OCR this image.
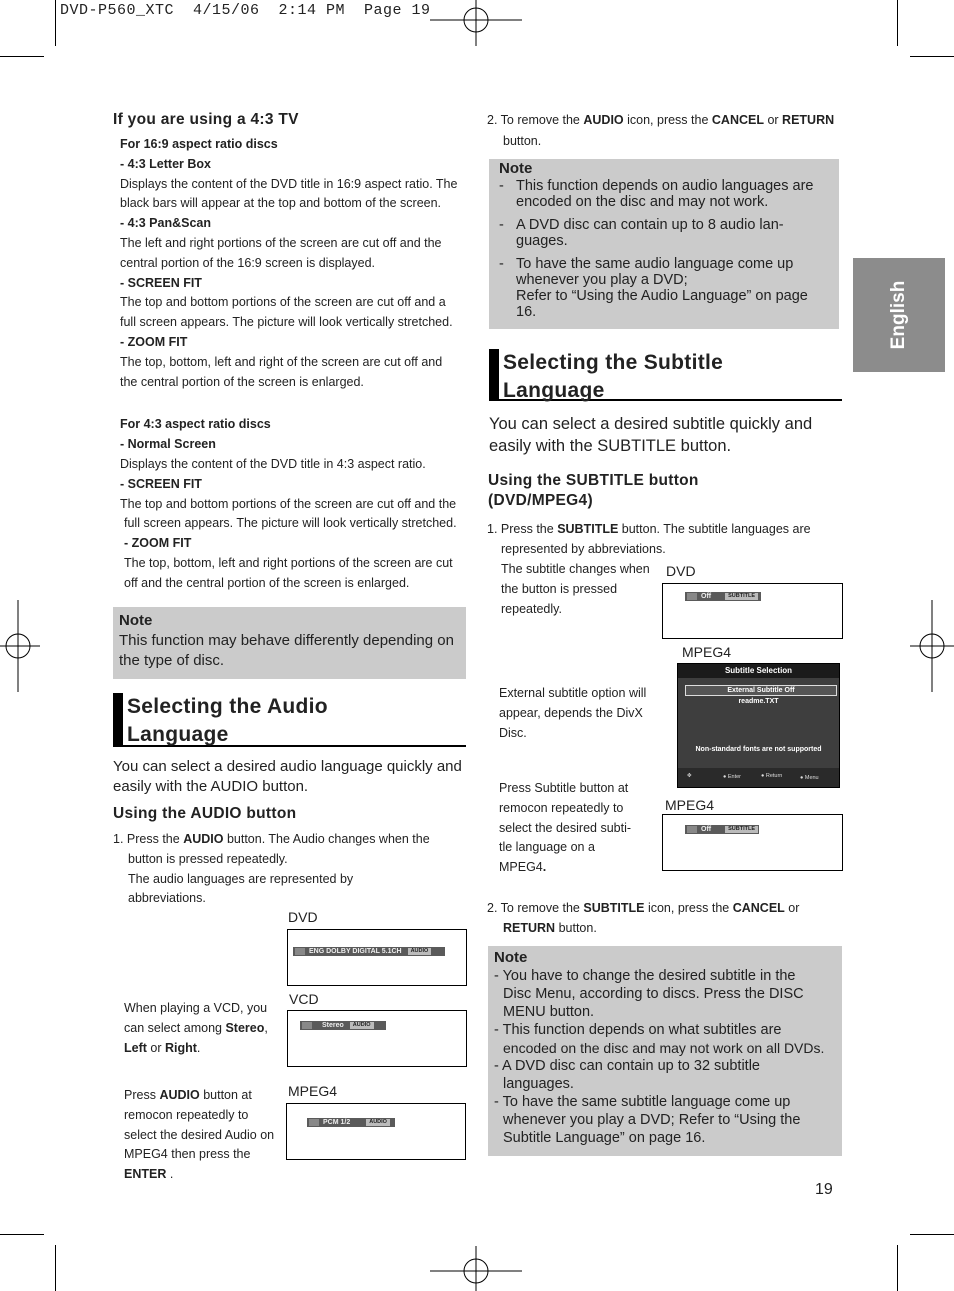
DVD-P560_XTC  4/15/06  2:14 PM  Page 19
English
If you are using a 4:3 TV
For 16:9 aspect ratio discs
- 4:3 Letter Box
Displays the content of the DVD title in 16:9 aspect ratio. The
black bars will appear at the top and bottom of the screen.
- 4:3 Pan&Scan
The left and right portions of the screen are cut off and the
central portion of the 16:9 screen is displayed.
- SCREEN FIT
The top and bottom portions of the screen are cut off and a
full screen appears. The picture will look vertically stretched.
- ZOOM FIT
The top, bottom, left and right of the screen are cut off and
the central portion of the screen is enlarged.
For 4:3 aspect ratio discs
- Normal Screen
Displays the content of the DVD title in 4:3 aspect ratio.
- SCREEN FIT
The top and bottom portions of the screen are cut off and the
full screen appears. The picture will look vertically stretched.
- ZOOM FIT
The top, bottom, left and right portions of the screen are cut
off and the central portion of the screen is enlarged.
Note
This function may behave differently depending on
the type of disc.
Selecting the Audio
Language
You can select a desired audio language quickly and
easily with the AUDIO button.
Using the AUDIO button
1. Press the AUDIO button. The Audio changes when the
button is pressed repeatedly.
The audio languages are represented by
abbreviations.
When playing a VCD, you
can select among Stereo,
Left or Right.
Press AUDIO button at
remocon repeatedly to
select the desired Audio on
MPEG4 then press the
ENTER .
DVD
ENG DOLBY DIGITAL 5.1CH AUDIO
VCD
Stereo AUDIO
MPEG4
PCM 1/2	AUDIO
2. To remove the AUDIO icon, press the CANCEL or RETURN
button.
Note
- This function depends on audio languages are
encoded on the disc and may not work.
- A DVD disc can contain up to 8 audio lan-
guages.
- To have the same audio language come up
whenever you play a DVD;
Refer to “Using the Audio Language” on page
16.
Selecting the Subtitle
Language
You can select a desired subtitle quickly and
easily with the SUBTITLE button.
Using the SUBTITLE button
(DVD/MPEG4)
1. Press the SUBTITLE button. The subtitle languages are
represented by abbreviations.
The subtitle changes when
the button is pressed
repeatedly.
External subtitle option will
appear, depends the DivX
Disc.
Press Subtitle button at
remocon repeatedly to
select the desired subti-
tle language on a
MPEG4.
DVD
Off	SUBTITLE
MPEG4
Subtitle Selection
External Subtitle Off
readme.TXT
Non-standard fonts are not supported
✥	● Enter	● Return	● Menu
MPEG4
Off	SUBTITLE
2. To remove the SUBTITLE icon, press the CANCEL or
RETURN button.
Note
- You have to change the desired subtitle in the
Disc Menu, according to discs. Press the DISC
MENU button.
- This function depends on what subtitles are
encoded on the disc and may not work on all DVDs.
- A DVD disc can contain up to 32 subtitle
languages.
- To have the same subtitle language come up
whenever you play a DVD; Refer to “Using the
Subtitle Language” on page 16.
19
